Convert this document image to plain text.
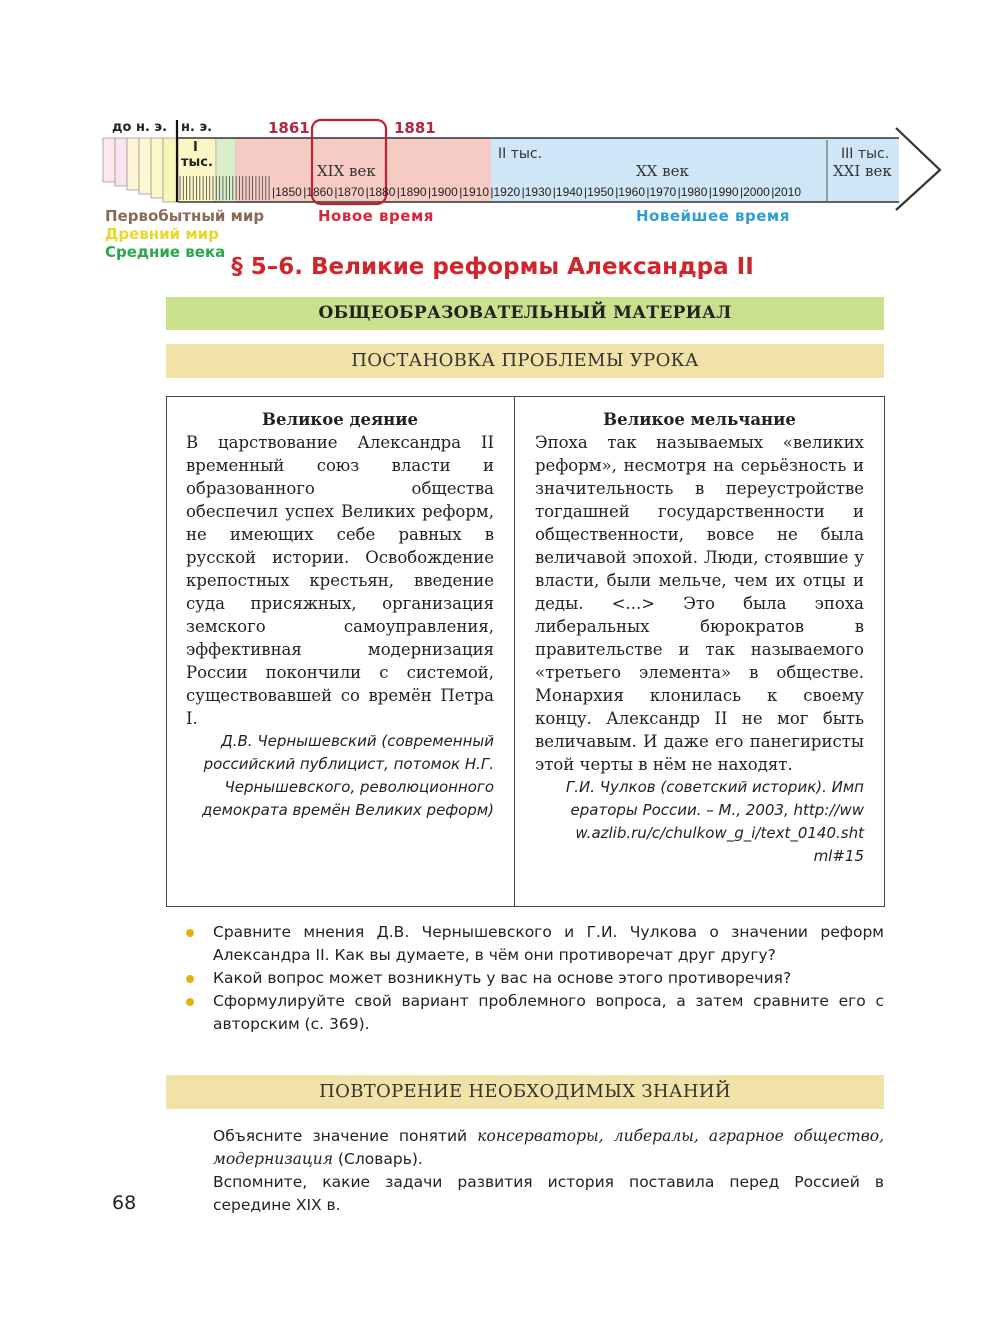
до н. э. н. э.	1861	1881
I
тыс.
II тыс.	III тыс.
XIX век	XX век	XXI век
|1850 |1860 |1870 |1880 |1890 |1900 |1910 |1920 |1930 |1940 |1950 |1960 |1970 |1980 |1990 |2000 |2010
Первобытный мир
Древний мир
Средние века
Новое время	Новейшее время
§ 5–6. Великие реформы Александра II
ОБЩЕОБРАЗОВАТЕЛЬНЫЙ МАТЕРИАЛ
ПОСТАНОВКА ПРОБЛЕМЫ УРОКА
Великое деяние

В царствование Александра II временный союз власти и образованного общества обеспечил успех Великих реформ, не имеющих себе равных в русской истории. Освобождение крепостных крестьян, введение суда присяжных, организация земского самоуправления, эффективная модернизация России покончили с системой, существовавшей со времён Петра I.

Д.В. Чернышевский (современный российский публицист, потомок Н.Г. Чернышевского, революционного демократа времён Великих реформ)

Великое мельчание

Эпоха так называемых «великих реформ», несмотря на серьёзность и значительность в переустройстве тогдашней государственности и общественности, вовсе не была величавой эпохой. Люди, стоявшие у власти, были мельче, чем их отцы и деды. <...> Это была эпоха либеральных бюрократов в правительстве и так называемого «третьего элемента» в обществе. Монархия клонилась к своему концу. Александр II не мог быть величавым. И даже его панегиристы этой черты в нём не находят.

Г.И. Чулков (советский историк). Императоры России. – М., 2003, http://www.azlib.ru/c/chulkow_g_i/text_0140.shtml#15

Сравните мнения Д.В. Чернышевского и Г.И. Чулкова о значении реформ Александра II. Как вы думаете, в чём они противоречат друг другу?
Какой вопрос может возникнуть у вас на основе этого противоречия?
Сформулируйте свой вариант проблемного вопроса, а затем сравните его с авторским (с. 369).
ПОВТОРЕНИЕ НЕОБХОДИМЫХ ЗНАНИЙ

Объясните значение понятий консерваторы, либералы, аграрное общество, модернизация (Словарь).

Вспомните, какие задачи развития история поставила перед Россией в середине XIX в.

68
